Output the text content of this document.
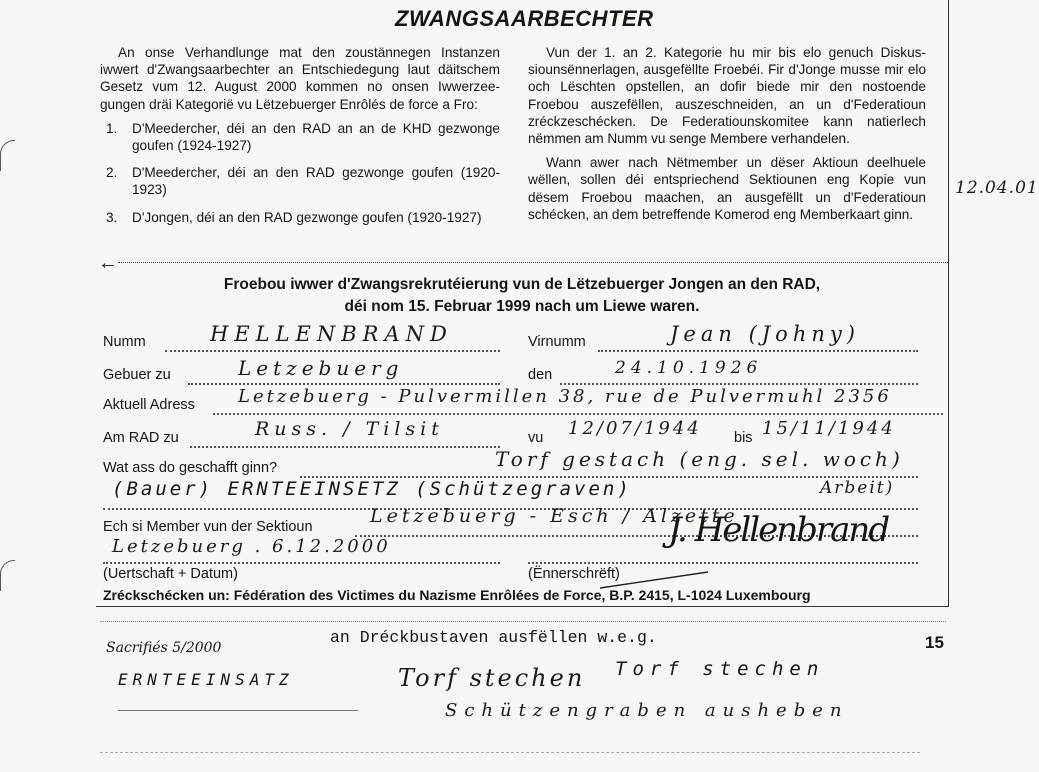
ZWANGSAARBECHTER

An onse Verhandlunge mat den zoustännegen Instanzen iwwert d'Zwangsaarbechter an Entschiedegung laut däitschem Gesetz vum 12. August 2000 kommen no onsen Iwwerzee-gungen dräi Kategorië vu Lëtzebuerger Enrôlés de force a Fro:

1. D'Meedercher, déi an den RAD an an de KHD gezwonge goufen (1924-1927)
2. D'Meedercher, déi an den RAD gezwonge goufen (1920-1923)
3. D'Jongen, déi an den RAD gezwonge goufen (1920-1927)

Vun der 1. an 2. Kategorie hu mir bis elo genuch Diskus-siounsënnerlagen, ausgefëllte Froebéi. Fir d'Jonge musse mir elo och Lëschten opstellen, an dofir biede mir den nostoende Froebou auszefëllen, auszeschneiden, an un d'Federatioun zréckzeschécken. De Federatiounskomitee kann natierlech nëmmen am Numm vu senge Membere verhandelen.

Wann awer nach Nëtmember un dëser Aktioun deelhuele wëllen, sollen déi entspriechend Sektiounen eng Kopie vun dësem Froebou maachen, an ausgefëllt un d'Federatioun schécken, an dem betreffende Komerod eng Memberkaart ginn.

12.04.01
←
Froebou iwwer d'Zwangsrekrutéierung vun de Lëtzebuerger Jongen an den RAD,
déi nom 15. Februar 1999 nach um Liewe waren.
Numm	HELLENBRAND	Virnumm	Jean (Johny)
Gebuer zu	Letzebuerg	den	24.10.1926
Aktuell Adress Letzebuerg - Pulvermillen 38, rue de Pulvermuhl 2356
Am RAD zu	Russ. / Tilsit	vu 12/07/1944 bis 15/11/1944
Wat ass do geschafft ginn?	Torf gestach (eng. sel. woch)
(Bauer) ERNTEEINSETZ (Schützegraven)	Arbeit)
Ech si Member vun der Sektioun	Letzebuerg - Esch / Alzette
Letzebuerg . 6.12.2000
(Uertschaft + Datum)	(Ënnerschrëft)
J. Hellenbrand
Zréckschécken un: Fédération des Victimes du Nazisme Enrôlées de Force, B.P. 2415, L-1024 Luxembourg
Sacrifiés 5/2000
an Dréckbustaven ausfëllen w.e.g.	15
ERNTEEINSATZ	Torf stechen Torf stechen
Schützengraben ausheben
